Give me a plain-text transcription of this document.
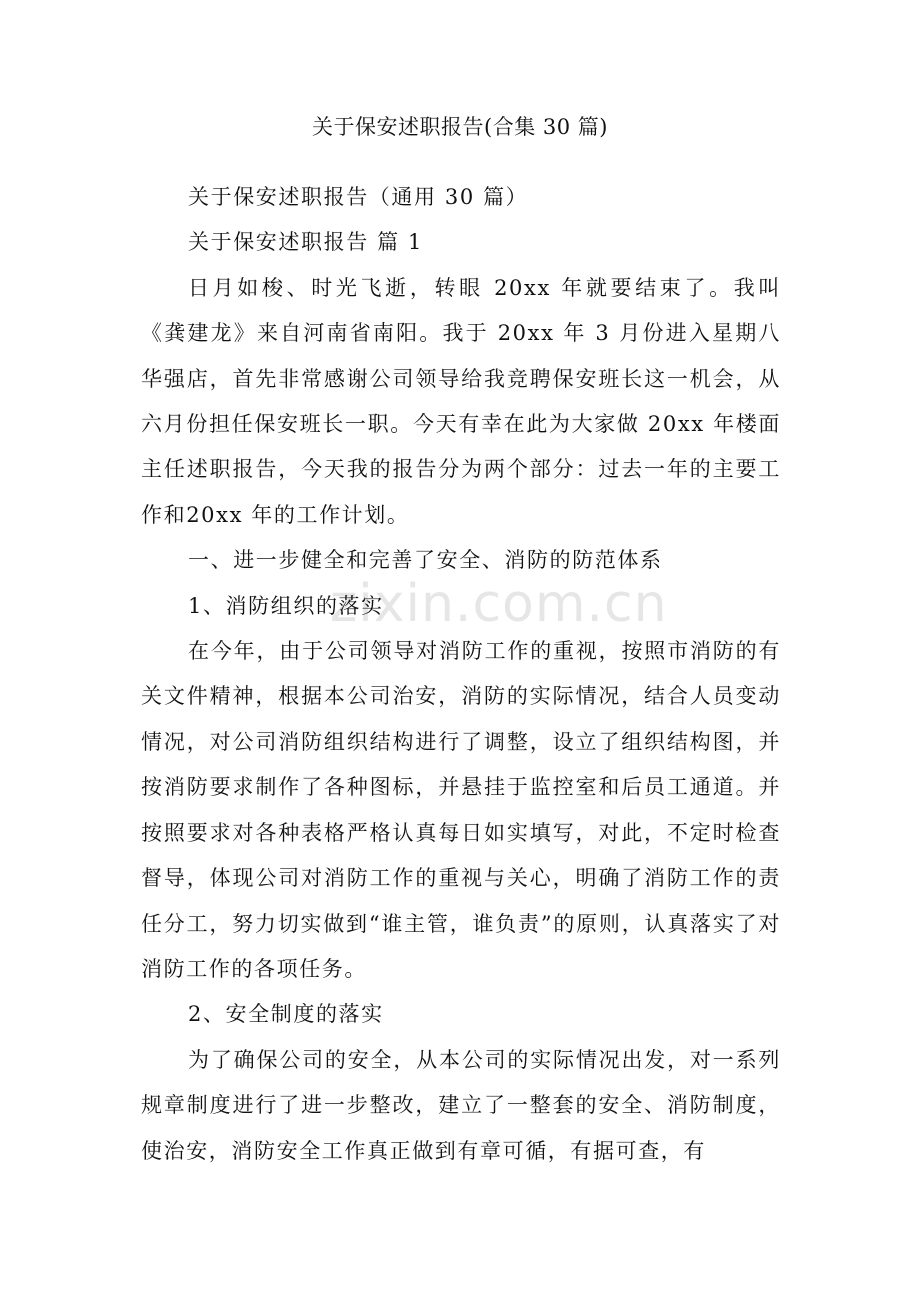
zixin.com.cn
关于保安述职报告(合集 30 篇)

关于保安述职报告（通用 30 篇）

关于保安述职报告 篇 1

日月如梭、时光飞逝，转眼 20xx 年就要结束了。我叫《龚建龙》来自河南省南阳。我于 20xx 年 3 月份进入星期八华强店，首先非常感谢公司领导给我竞聘保安班长这一机会，从六月份担任保安班长一职。今天有幸在此为大家做 20xx 年楼面主任述职报告，今天我的报告分为两个部分：过去一年的主要工作和20xx 年的工作计划。

一、进一步健全和完善了安全、消防的防范体系

1、消防组织的落实

在今年，由于公司领导对消防工作的重视，按照市消防的有关文件精神，根据本公司治安，消防的实际情况，结合人员变动情况，对公司消防组织结构进行了调整，设立了组织结构图，并按消防要求制作了各种图标，并悬挂于监控室和后员工通道。并按照要求对各种表格严格认真每日如实填写，对此，不定时检查督导，体现公司对消防工作的重视与关心，明确了消防工作的责任分工，努力切实做到“谁主管，谁负责”的原则，认真落实了对消防工作的各项任务。

2、安全制度的落实

为了确保公司的安全，从本公司的实际情况出发，对一系列规章制度进行了进一步整改，建立了一整套的安全、消防制度，使治安，消防安全工作真正做到有章可循，有据可查，有
